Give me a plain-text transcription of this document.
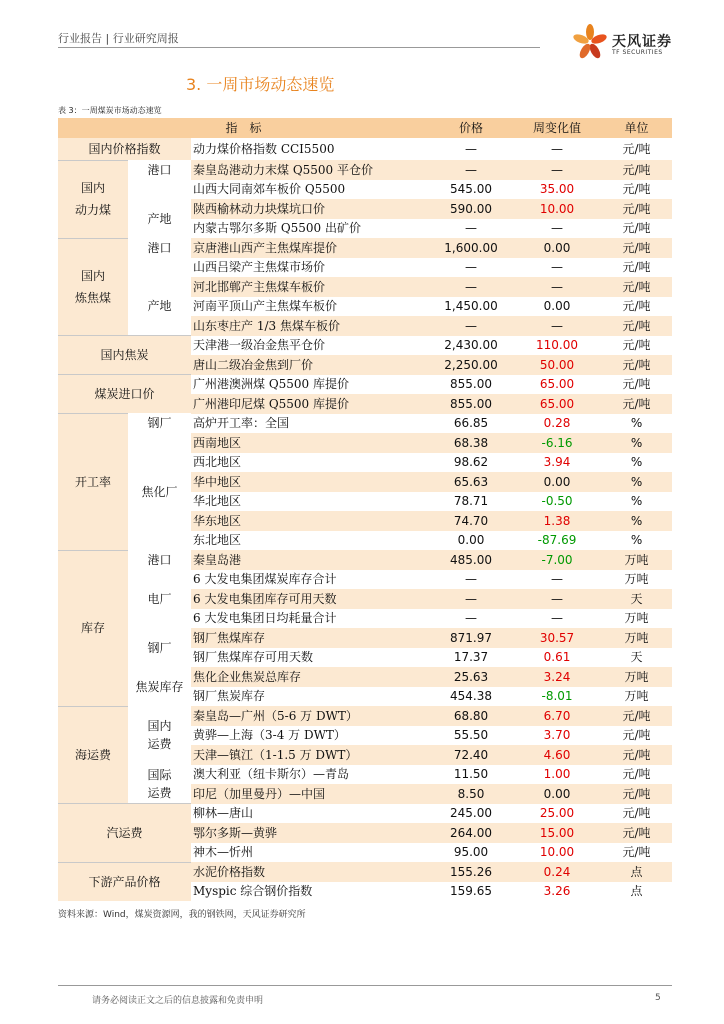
行业报告 | 行业研究周报	天风证券
TF SECURITIES
3. 一周市场动态速览
表 3：一周煤炭市场动态速览
指　标			价格	周变化值	单位
国内价格指数		动力煤价格指数 CCI5500	—	—	元/吨
国内
动力煤	港口	秦皇岛港动力末煤 Q5500 平仓价	—	—	元/吨
		山西大同南郊车板价 Q5500	545.00	35.00	元/吨
	产地	陕西榆林动力块煤坑口价	590.00	10.00	元/吨
		内蒙古鄂尔多斯 Q5500 出矿价	—	—	元/吨
国内
炼焦煤	港口	京唐港山西产主焦煤库提价	1,600.00	0.00	元/吨
		山西吕梁产主焦煤市场价	—	—	元/吨
	产地	河北邯郸产主焦煤车板价	—	—	元/吨
		河南平顶山产主焦煤车板价	1,450.00	0.00	元/吨
		山东枣庄产 1/3 焦煤车板价	—	—	元/吨
国内焦炭		天津港一级冶金焦平仓价	2,430.00	110.00	元/吨
		唐山二级冶金焦到厂价	2,250.00	50.00	元/吨
煤炭进口价		广州港澳洲煤 Q5500 库提价	855.00	65.00	元/吨
		广州港印尼煤 Q5500 库提价	855.00	65.00	元/吨
开工率	钢厂	高炉开工率：全国	66.85	0.28	%
	焦化厂	西南地区	68.38	-6.16	%
		西北地区	98.62	3.94	%
		华中地区	65.63	0.00	%
		华北地区	78.71	-0.50	%
		华东地区	74.70	1.38	%
		东北地区	0.00	-87.69	%
库存	港口	秦皇岛港	485.00	-7.00	万吨
	电厂	6 大发电集团煤炭库存合计	—	—	万吨
		6 大发电集团库存可用天数	—	—	天
		6 大发电集团日均耗量合计	—	—	万吨
	钢厂	钢厂焦煤库存	871.97	30.57	万吨
		钢厂焦煤库存可用天数	17.37	0.61	天
	焦炭库存	焦化企业焦炭总库存	25.63	3.24	万吨
		钢厂焦炭库存	454.38	-8.01	万吨
海运费	国内
运费	秦皇岛—广州（5-6 万 DWT）	68.80	6.70	元/吨
		黄骅—上海（3-4 万 DWT）	55.50	3.70	元/吨
		天津—镇江（1-1.5 万 DWT）	72.40	4.60	元/吨
	国际
运费	澳大利亚（纽卡斯尔）—青岛	11.50	1.00	元/吨
		印尼（加里曼丹）—中国	8.50	0.00	元/吨
汽运费		柳林—唐山	245.00	25.00	元/吨
		鄂尔多斯—黄骅	264.00	15.00	元/吨
		神木—忻州	95.00	10.00	元/吨
下游产品价格		水泥价格指数	155.26	0.24	点
		Myspic 综合钢价指数	159.65	3.26	点
资料来源：Wind，煤炭资源网，我的钢铁网，天风证券研究所
请务必阅读正文之后的信息披露和免责申明	5
